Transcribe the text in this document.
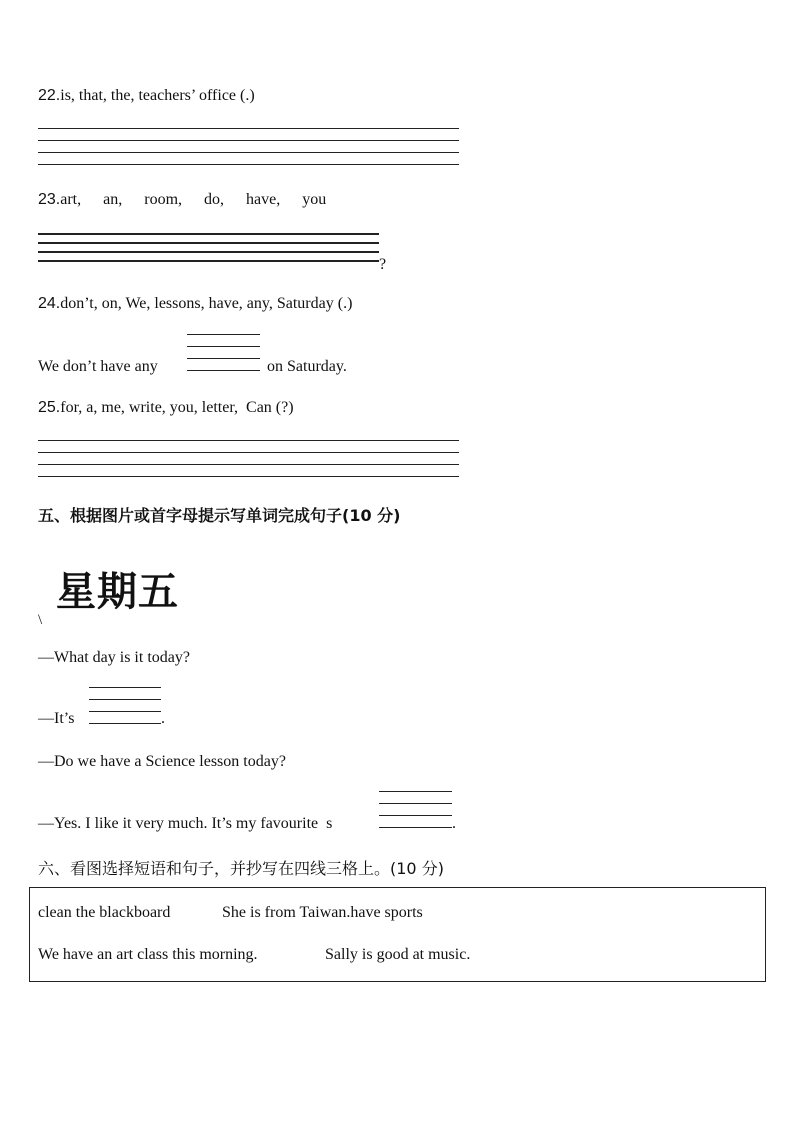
22.is, that, the, teachers’ office (.)
23.art, an, room, do, have, you
?
24.don’t, on, We, lessons, have, any, Saturday (.)
We don’t have any	on Saturday.
25.for, a, me, write, you, letter,  Can (?)
五、根据图片或首字母提示写单词完成句子(10 分)
星期五
\
—What day is it today?
—It’s	.
—Do we have a Science lesson today?
—Yes. I like it very much. It’s my favourite  s	.
六、看图选择短语和句子，并抄写在四线三格上。(10 分)
clean the blackboard	She is from Taiwan.have sports
We have an art class this morning.	Sally is good at music.
